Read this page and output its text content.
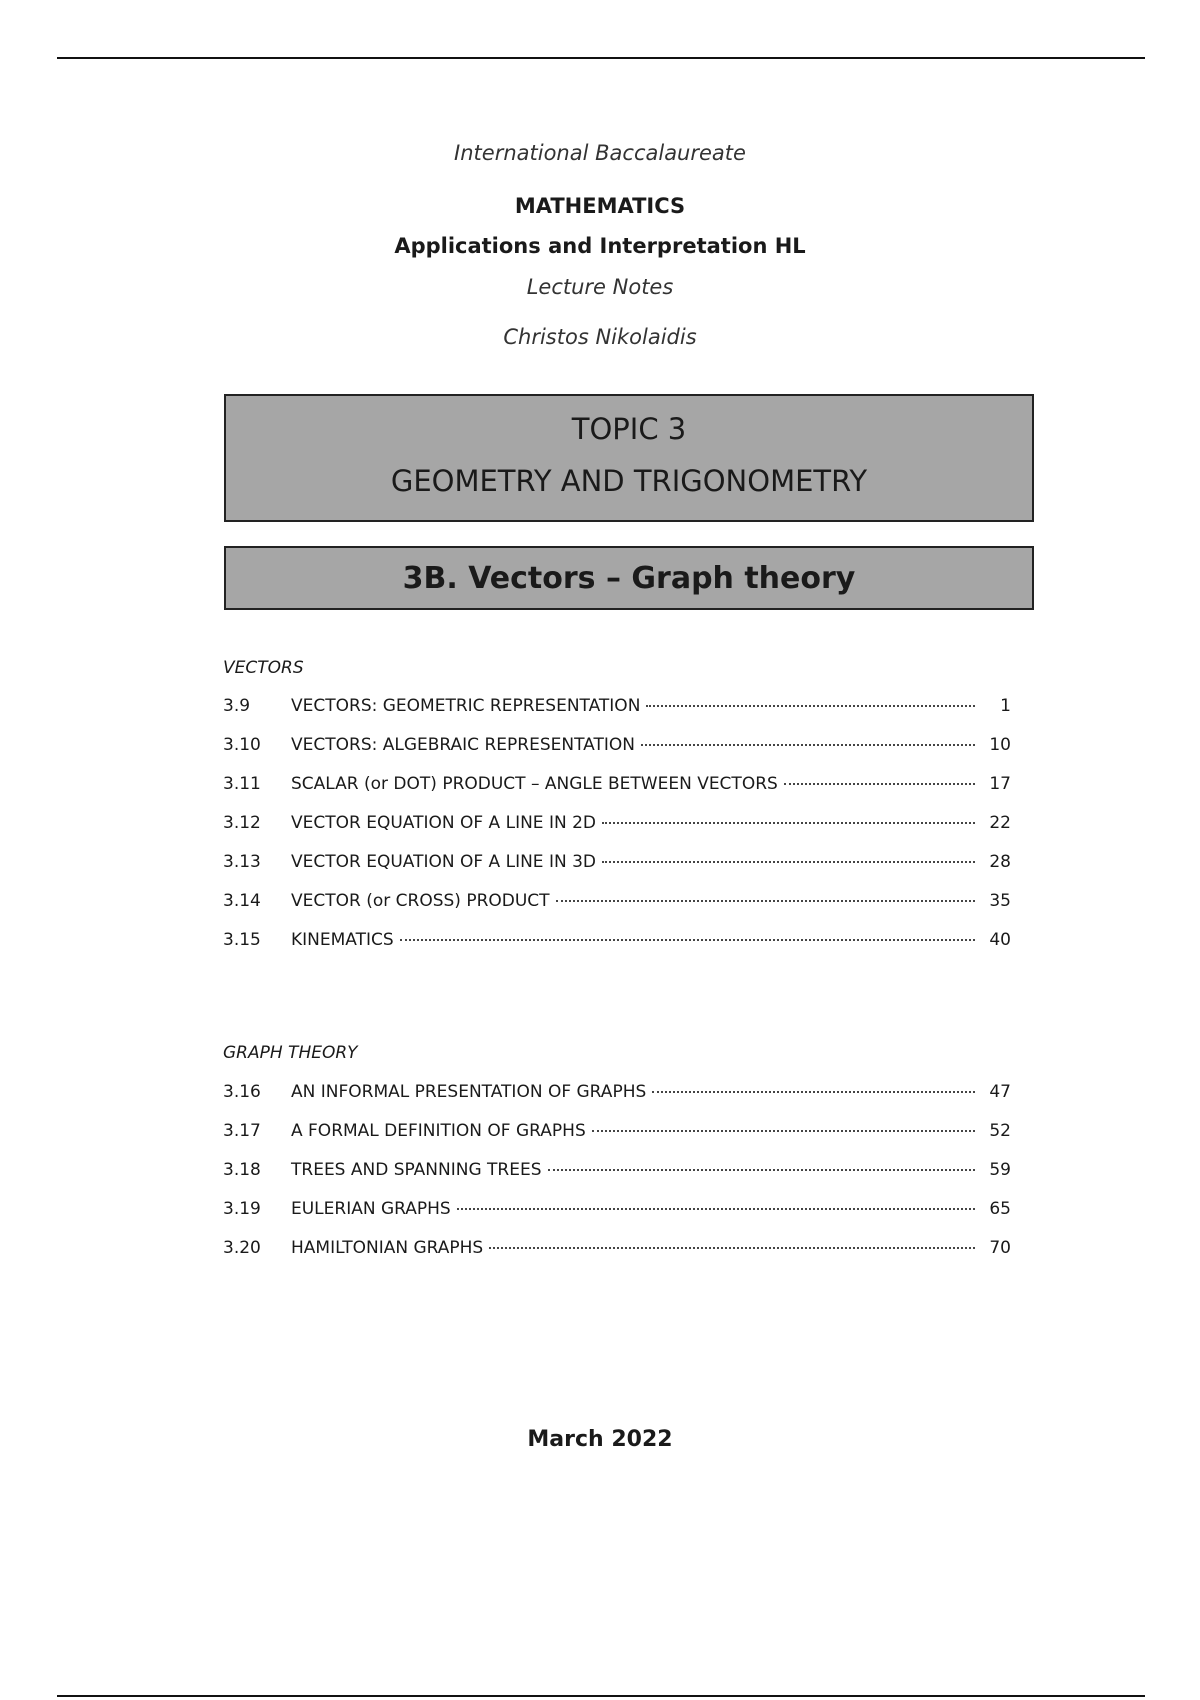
International Baccalaureate
MATHEMATICS
Applications and Interpretation HL
Lecture Notes
Christos Nikolaidis
TOPIC 3
GEOMETRY AND TRIGONOMETRY
3B. Vectors – Graph theory
VECTORS
3.9	VECTORS: GEOMETRIC REPRESENTATION	1
3.10	VECTORS: ALGEBRAIC REPRESENTATION	10
3.11	SCALAR (or DOT) PRODUCT – ANGLE BETWEEN VECTORS	17
3.12	VECTOR EQUATION OF A LINE IN 2D	22
3.13	VECTOR EQUATION OF A LINE IN 3D	28
3.14	VECTOR (or CROSS) PRODUCT	35
3.15	KINEMATICS	40
GRAPH THEORY
3.16	AN INFORMAL PRESENTATION OF GRAPHS	47
3.17	A FORMAL DEFINITION OF GRAPHS	52
3.18	TREES AND SPANNING TREES	59
3.19	EULERIAN GRAPHS	65
3.20	HAMILTONIAN GRAPHS	70
March 2022
